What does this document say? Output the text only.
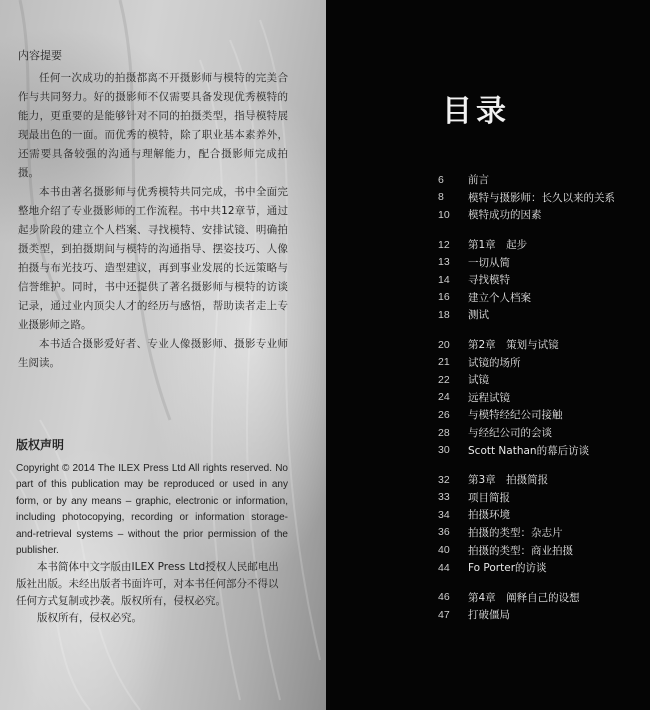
内容提要

任何一次成功的拍摄都离不开摄影师与模特的完美合作与共同努力。好的摄影师不仅需要具备发现优秀模特的能力，更重要的是能够针对不同的拍摄类型，指导模特展现最出色的一面。而优秀的模特，除了职业基本素养外，还需要具备较强的沟通与理解能力，配合摄影师完成拍摄。

本书由著名摄影师与优秀模特共同完成，书中全面完整地介绍了专业摄影师的工作流程。书中共12章节，通过起步阶段的建立个人档案、寻找模特、安排试镜、明确拍摄类型，到拍摄期间与模特的沟通指导、摆姿技巧、人像拍摄与布光技巧、造型建议，再到事业发展的长远策略与信誉维护。同时，书中还提供了著名摄影师与模特的访谈记录，通过业内顶尖人才的经历与感悟，帮助读者走上专业摄影师之路。

本书适合摄影爱好者、专业人像摄影师、摄影专业师生阅读。

版权声明

Copyright © 2014 The ILEX Press Ltd All rights reserved. No part of this publication may be reproduced or used in any form, or by any means – graphic, electronic or information, including photocopying, recording or information storage-and-retrieval systems – without the prior permission of the publisher.

本书简体中文字版由ILEX Press Ltd授权人民邮电出版社出版。未经出版者书面许可，对本书任何部分不得以任何方式复制或抄袭。版权所有，侵权必究。

版权所有，侵权必究。

目录
6	前言
8	模特与摄影师：长久以来的关系
10	模特成功的因素
12	第1章　起步
13	一切从简
14	寻找模特
16	建立个人档案
18	测试
20	第2章　策划与试镜
21	试镜的场所
22	试镜
24	远程试镜
26	与模特经纪公司接触
28	与经纪公司的会谈
30	Scott Nathan的幕后访谈
32	第3章　拍摄简报
33	项目简报
34	拍摄环境
36	拍摄的类型：杂志片
40	拍摄的类型：商业拍摄
44	Fo Porter的访谈
46	第4章　阐释自己的设想
47	打破僵局
